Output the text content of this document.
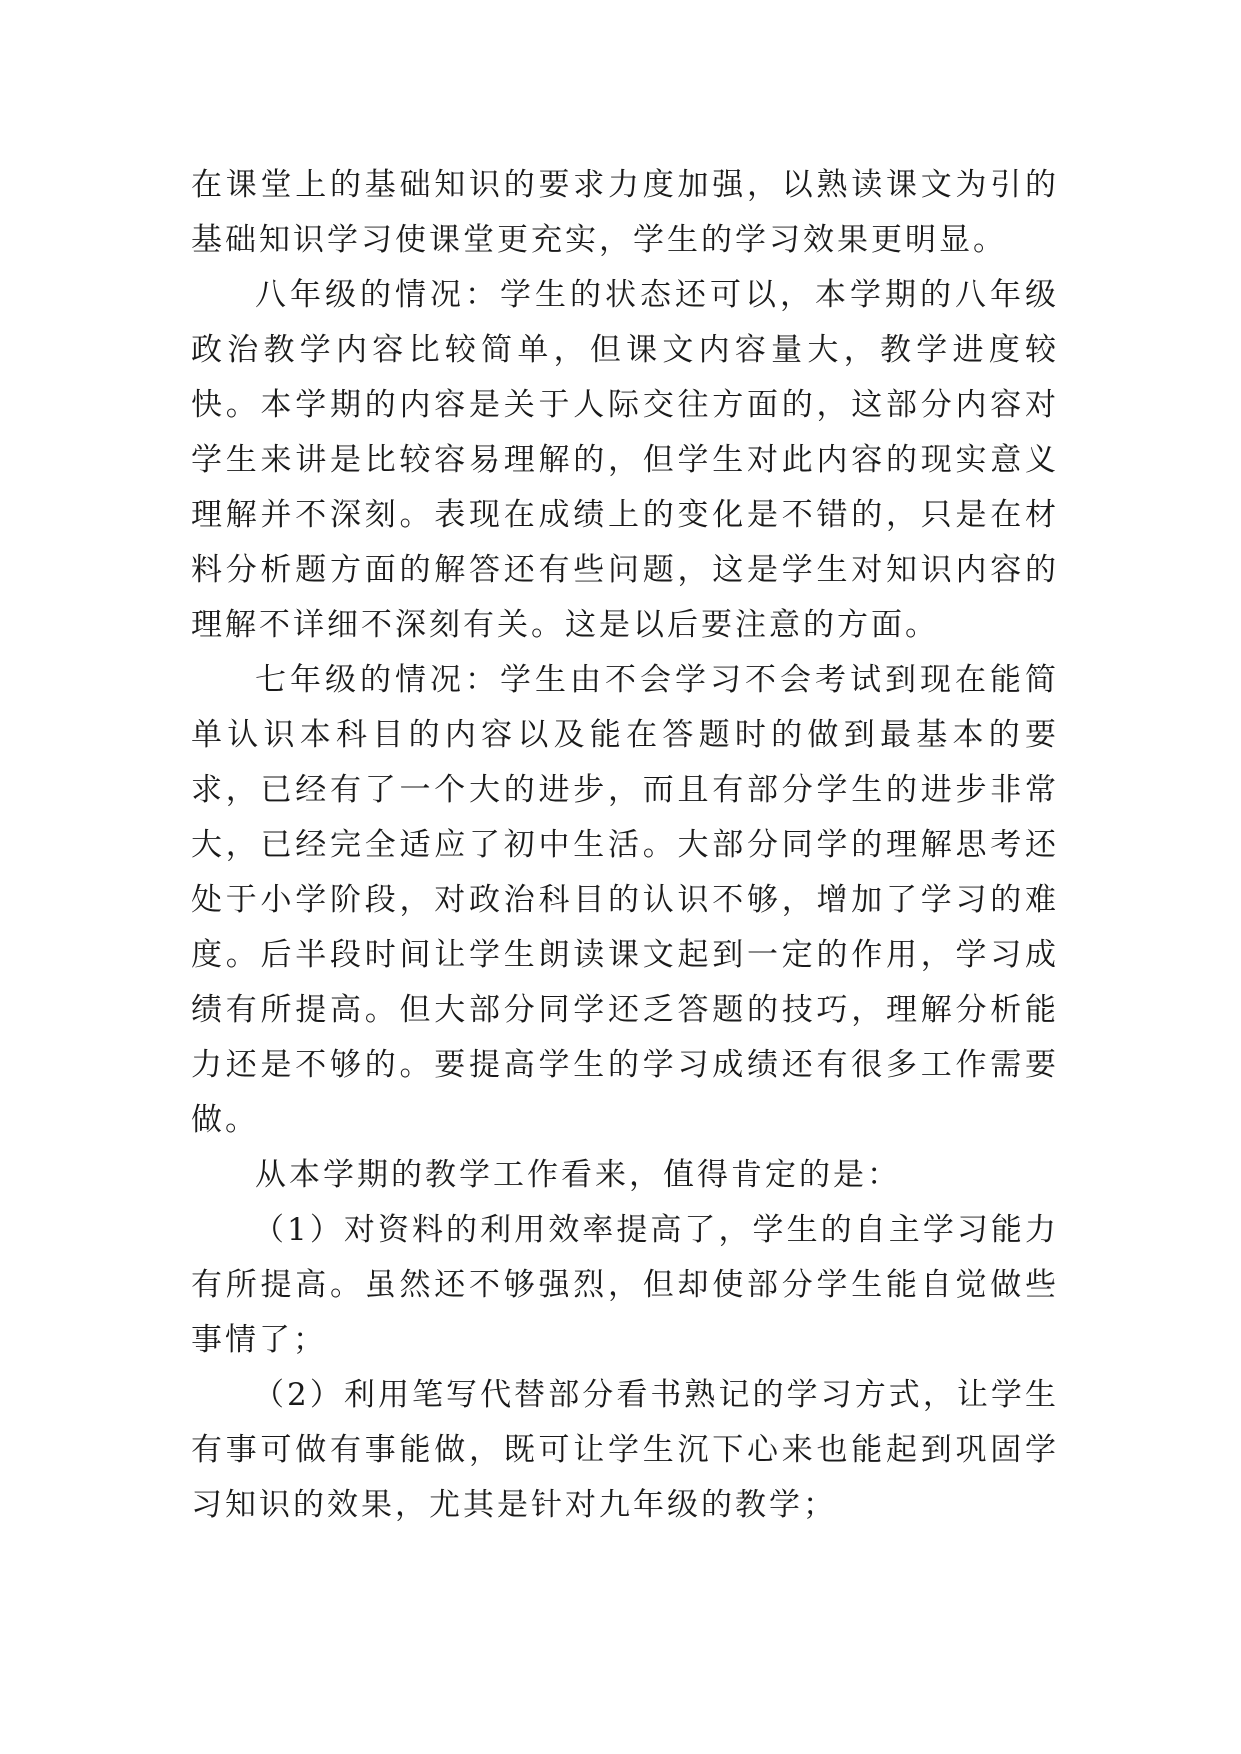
在课堂上的基础知识的要求力度加强，以熟读课文为引的基础知识学习使课堂更充实，学生的学习效果更明显。

八年级的情况：学生的状态还可以，本学期的八年级政治教学内容比较简单，但课文内容量大，教学进度较快。本学期的内容是关于人际交往方面的，这部分内容对学生来讲是比较容易理解的，但学生对此内容的现实意义理解并不深刻。表现在成绩上的变化是不错的，只是在材料分析题方面的解答还有些问题，这是学生对知识内容的理解不详细不深刻有关。这是以后要注意的方面。

七年级的情况：学生由不会学习不会考试到现在能简单认识本科目的内容以及能在答题时的做到最基本的要求，已经有了一个大的进步，而且有部分学生的进步非常大，已经完全适应了初中生活。大部分同学的理解思考还处于小学阶段，对政治科目的认识不够，增加了学习的难度。后半段时间让学生朗读课文起到一定的作用，学习成绩有所提高。但大部分同学还乏答题的技巧，理解分析能力还是不够的。要提高学生的学习成绩还有很多工作需要做。

从本学期的教学工作看来，值得肯定的是：

（1）对资料的利用效率提高了，学生的自主学习能力有所提高。虽然还不够强烈，但却使部分学生能自觉做些事情了；

（2）利用笔写代替部分看书熟记的学习方式，让学生有事可做有事能做，既可让学生沉下心来也能起到巩固学习知识的效果，尤其是针对九年级的教学；
